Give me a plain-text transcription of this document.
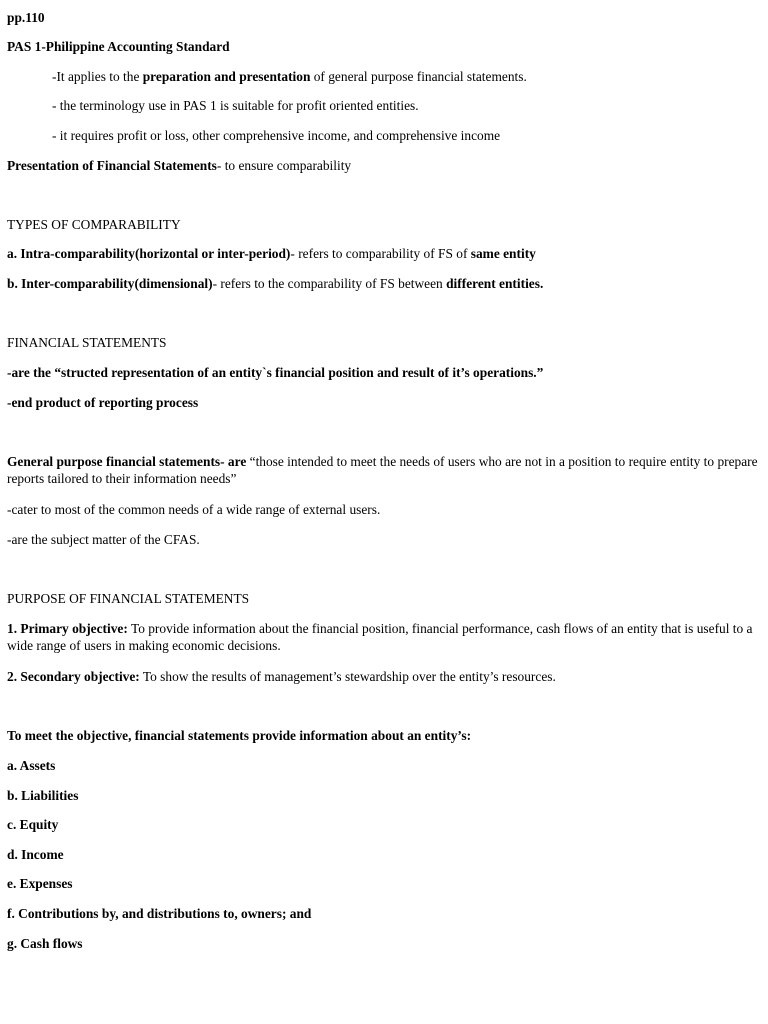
pp.110
PAS 1-Philippine Accounting Standard
-It applies to the preparation and presentation of general purpose financial statements.
- the terminology use in PAS 1 is suitable for profit oriented entities.
- it requires profit or loss, other comprehensive income, and comprehensive income
Presentation of Financial Statements- to ensure comparability
TYPES OF COMPARABILITY
a. Intra-comparability(horizontal or inter-period)- refers to comparability of FS of same entity
b. Inter-comparability(dimensional)- refers to the comparability of FS between different entities.
FINANCIAL STATEMENTS
-are the “structed representation of an entity`s financial position and result of it’s operations.”
-end product of reporting process
General purpose financial statements- are “those intended to meet the needs of users who are not in a position to require entity to prepare reports tailored to their information needs”
-cater to most of the common needs of a wide range of external users.
-are the subject matter of the CFAS.
PURPOSE OF FINANCIAL STATEMENTS
1. Primary objective: To provide information about the financial position, financial performance, cash flows of an entity that is useful to a wide range of users in making economic decisions.
2. Secondary objective: To show the results of management’s stewardship over the entity’s resources.
To meet the objective, financial statements provide information about an entity’s:
a. Assets
b. Liabilities
c. Equity
d. Income
e. Expenses
f. Contributions by, and distributions to, owners; and
g. Cash flows
